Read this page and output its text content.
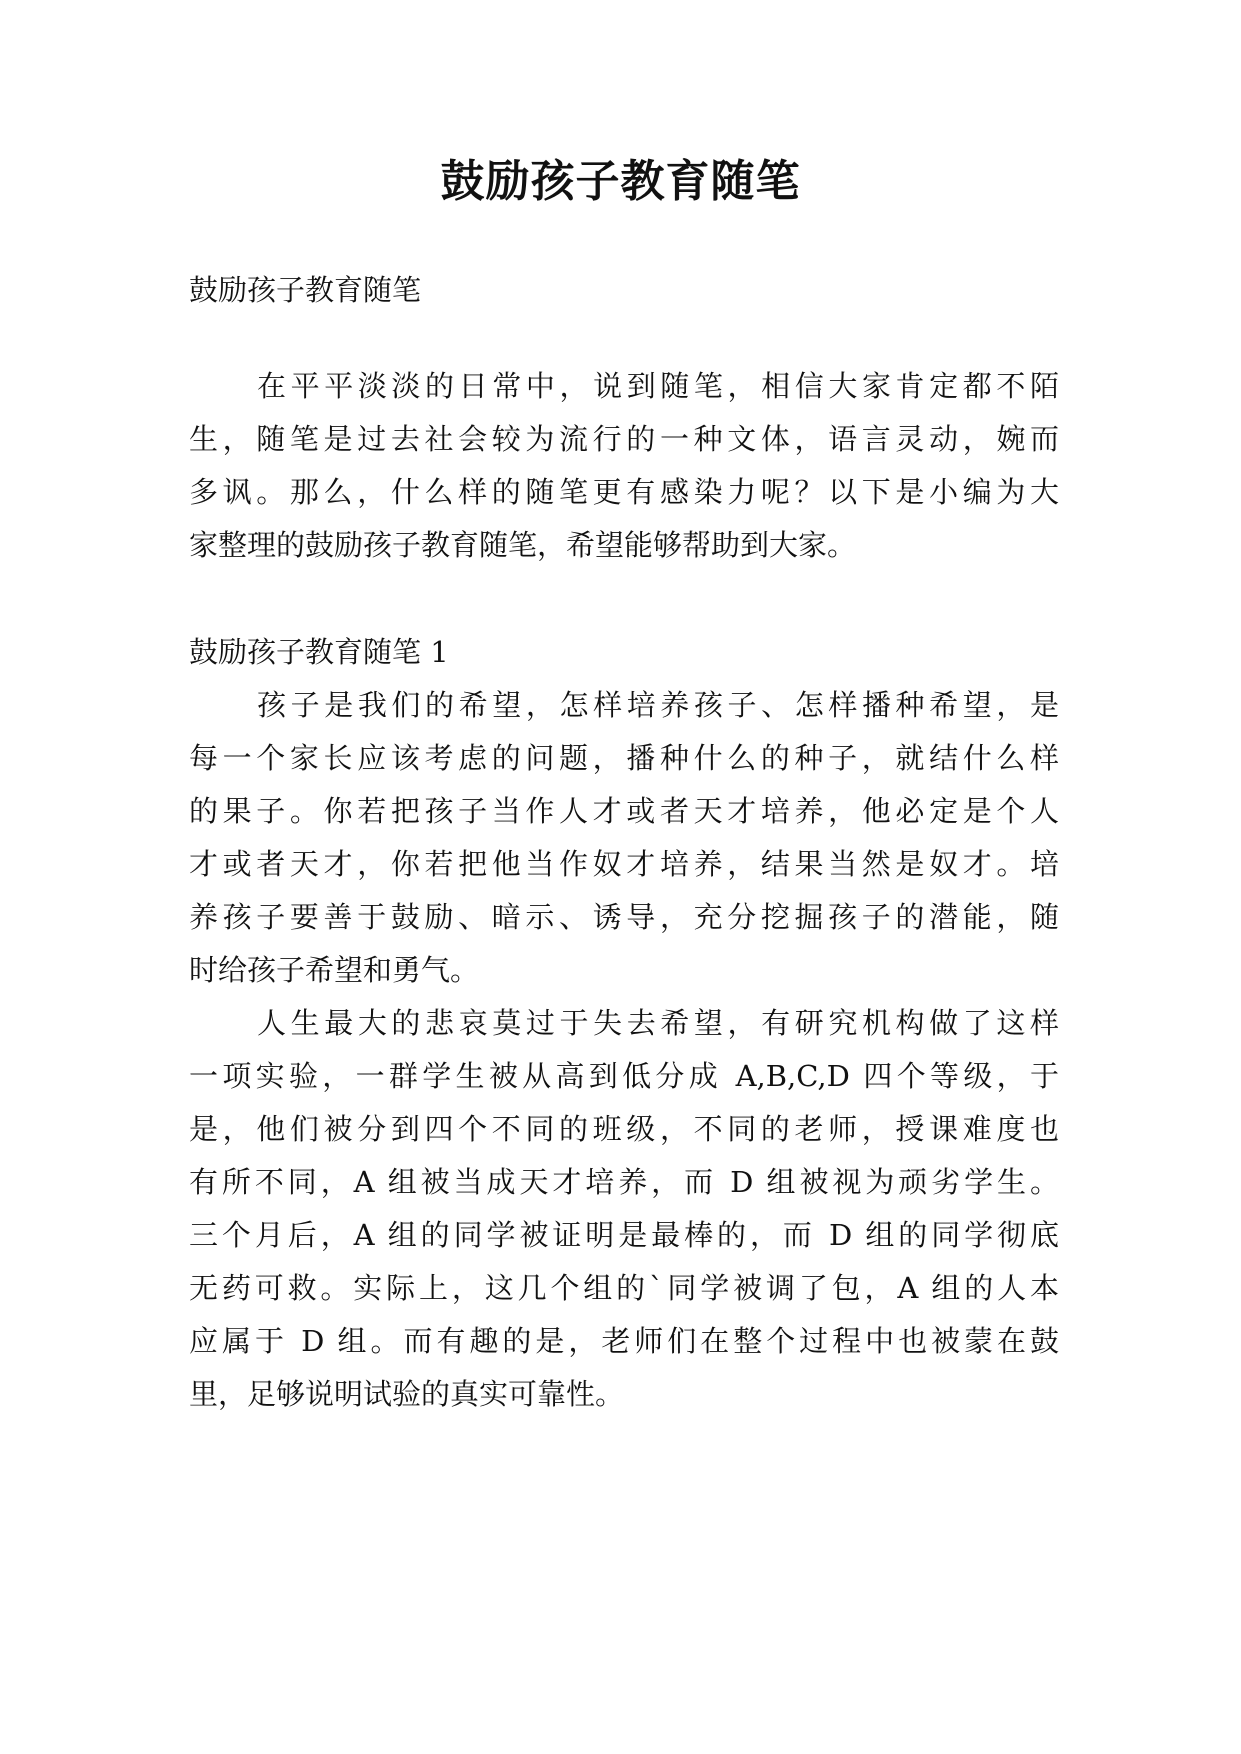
鼓励孩子教育随笔

鼓励孩子教育随笔

在平平淡淡的日常中，说到随笔，相信大家肯定都不陌

生，随笔是过去社会较为流行的一种文体，语言灵动，婉而

多讽。那么，什么样的随笔更有感染力呢？以下是小编为大

家整理的鼓励孩子教育随笔，希望能够帮助到大家。

鼓励孩子教育随笔 1

孩子是我们的希望，怎样培养孩子、怎样播种希望，是

每一个家长应该考虑的问题，播种什么的种子，就结什么样

的果子。你若把孩子当作人才或者天才培养，他必定是个人

才或者天才，你若把他当作奴才培养，结果当然是奴才。培

养孩子要善于鼓励、暗示、诱导，充分挖掘孩子的潜能，随

时给孩子希望和勇气。

人生最大的悲哀莫过于失去希望，有研究机构做了这样

一项实验，一群学生被从高到低分成 A,B,C,D 四个等级，于

是，他们被分到四个不同的班级，不同的老师，授课难度也

有所不同，A 组被当成天才培养，而 D 组被视为顽劣学生。

三个月后，A 组的同学被证明是最棒的，而 D 组的同学彻底

无药可救。实际上，这几个组的`同学被调了包，A 组的人本

应属于 D 组。而有趣的是，老师们在整个过程中也被蒙在鼓

里，足够说明试验的真实可靠性。
